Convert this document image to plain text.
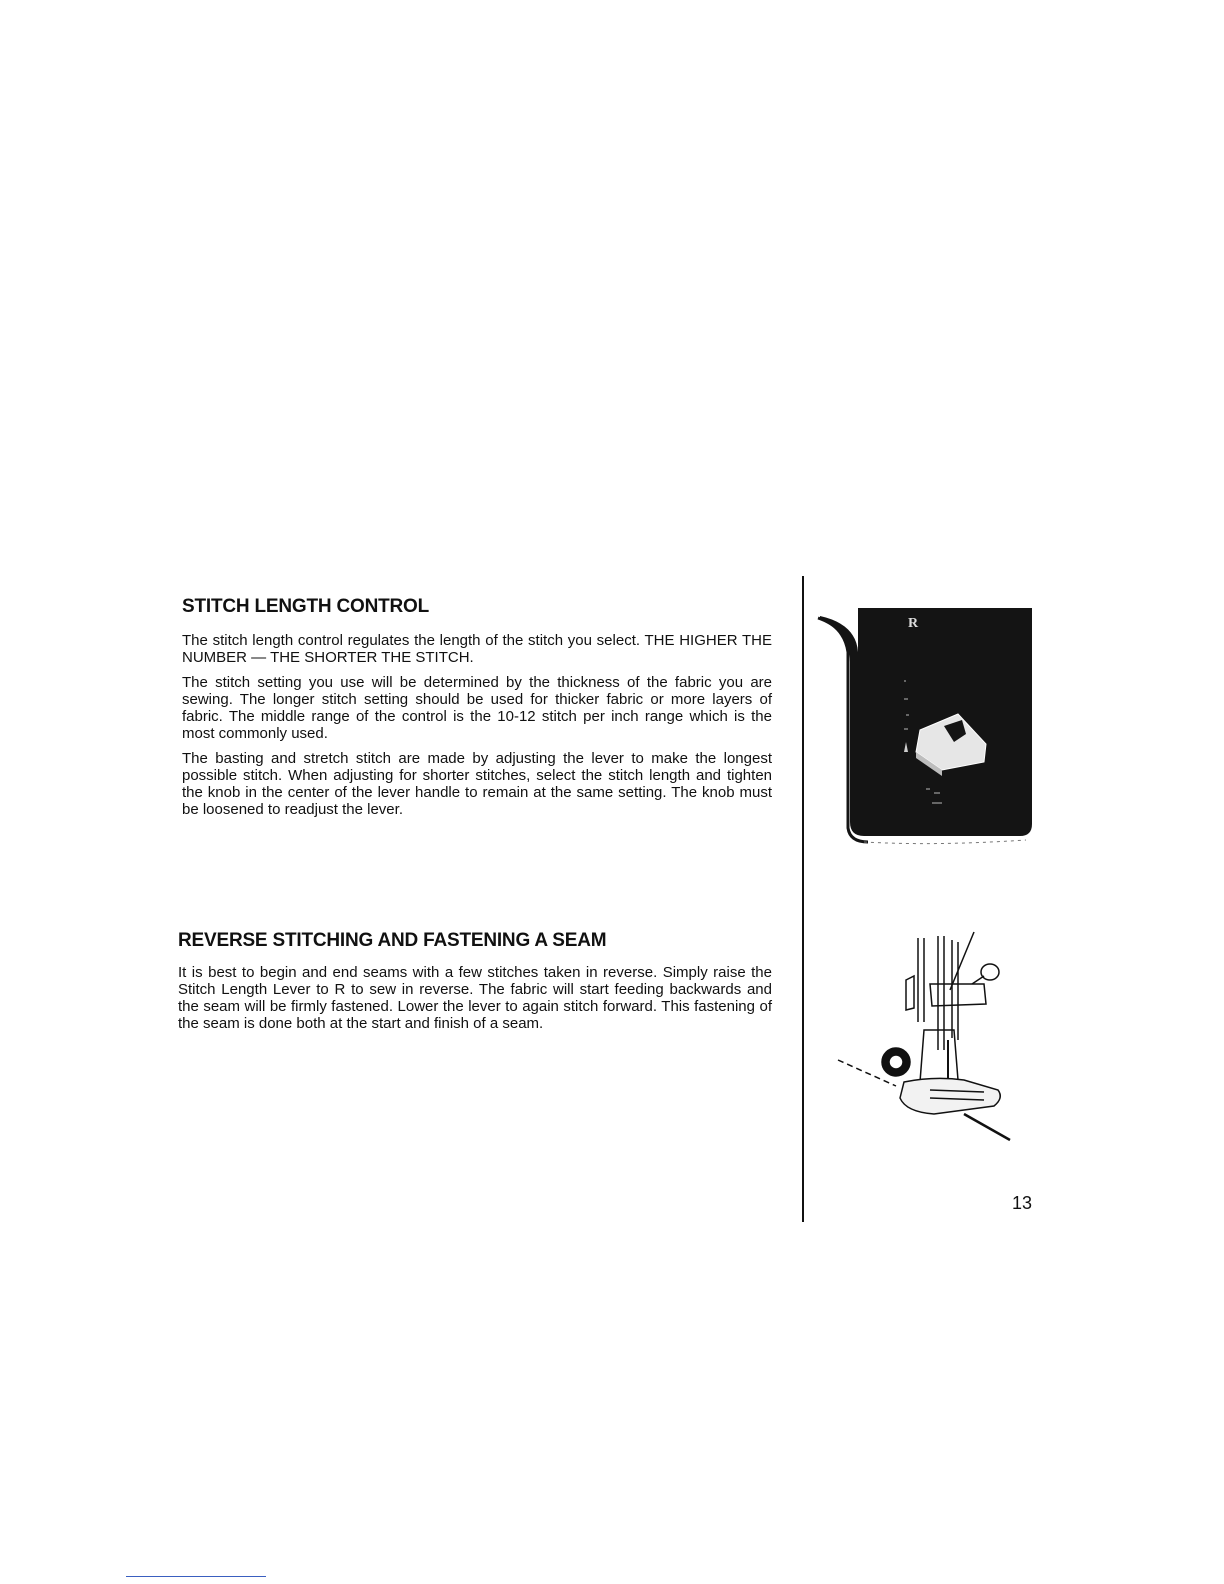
STITCH LENGTH CONTROL

The stitch length control regulates the length of the stitch you select. THE HIGHER THE NUMBER — THE SHORTER THE STITCH.

The stitch setting you use will be determined by the thickness of the fabric you are sewing. The longer stitch setting should be used for thicker fabric or more layers of fabric. The middle range of the control is the 10-12 stitch per inch range which is the most commonly used.

The basting and stretch stitch are made by adjusting the lever to make the longest possible stitch. When adjusting for shorter stitches, select the stitch length and tighten the knob in the center of the lever handle to remain at the same setting. The knob must be loosened to readjust the lever.

REVERSE STITCHING AND FASTENING A SEAM

It is best to begin and end seams with a few stitches taken in reverse. Simply raise the Stitch Length Lever to R to sew in reverse. The fabric will start feeding backwards and the seam will be firmly fastened. Lower the lever to again stitch forward. This fastening of the seam is done both at the start and finish of a seam.

R
13
